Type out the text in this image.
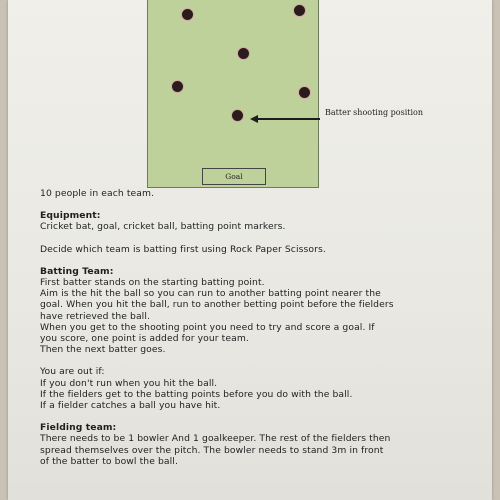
Batter shooting position
Goal

10 people in each team.

Equipment:

Cricket bat, goal, cricket ball, batting point markers.

Decide which team is batting first using Rock Paper Scissors.

Batting Team:

First batter stands on the starting batting point.

Aim is the hit the ball so you can run to another batting point nearer the

goal. When you hit the ball, run to another betting point before the fielders

have retrieved the ball.

When you get to the shooting point you need to try and score a goal. If

you score, one point is added for your team.

Then the next batter goes.

You are out if:

If you don't run when you hit the ball.

If the fielders get to the batting points before you do with the ball.

If a fielder catches a ball you have hit.

Fielding team:

There needs to be 1 bowler And 1 goalkeeper. The rest of the fielders then

spread themselves over the pitch. The bowler needs to stand 3m in front

of the batter to bowl the ball.
